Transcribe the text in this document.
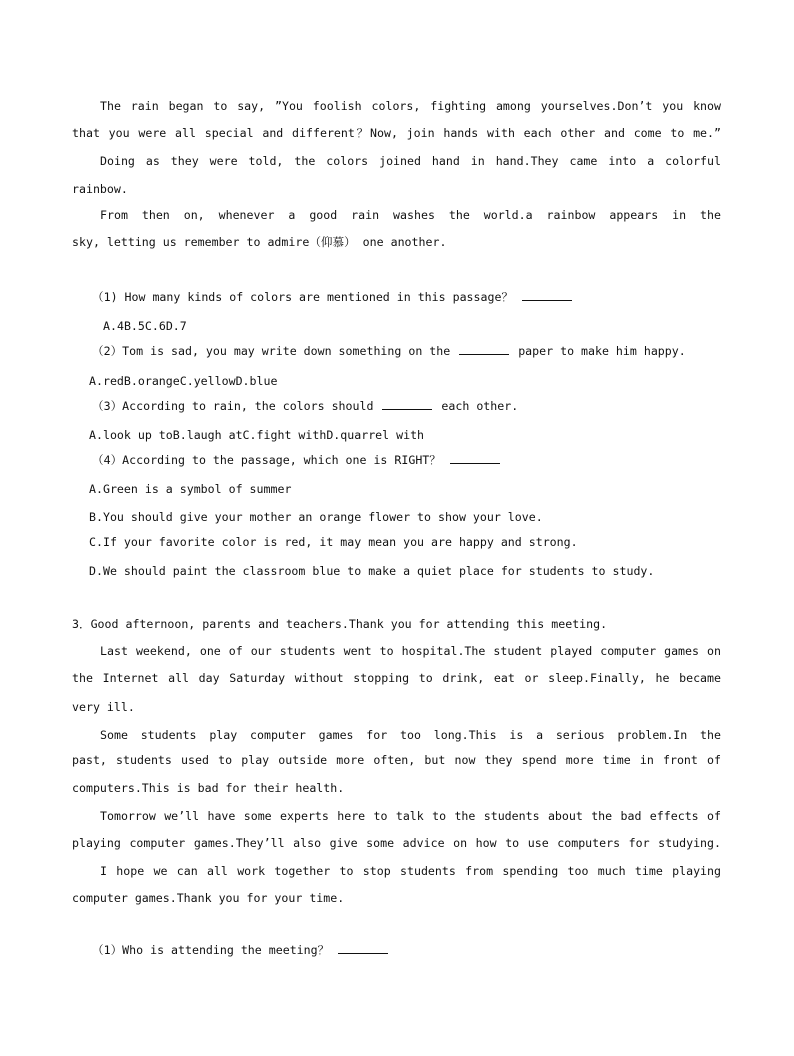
The rain began to say, ”You foolish colors, fighting among yourselves.Don’t you know
that you were all special and different？Now, join hands with each other and come to me.”
Doing as they were told, the colors joined hand in hand.They came into a colorful
rainbow.
From then on, whenever a good rain washes the world.a rainbow appears in the
sky, letting us remember to admire（仰慕） one another.
（1) How many kinds of colors are mentioned in this passage？
A.4B.5C.6D.7
（2）Tom is sad, you may write down something on the	paper to make him happy.
A.redB.orangeC.yellowD.blue
（3）According to rain, the colors should	each other.
A.look up toB.laugh atC.fight withD.quarrel with
（4）According to the passage, which one is RIGHT？
A.Green is a symbol of summer
B.You should give your mother an orange flower to show your love.
C.If your favorite color is red, it may mean you are happy and strong.
D.We should paint the classroom blue to make a quiet place for students to study.
3．Good afternoon, parents and teachers.Thank you for attending this meeting.
Last weekend, one of our students went to hospital.The student played computer games on
the Internet all day Saturday without stopping to drink, eat or sleep.Finally, he became
very ill.
Some students play computer games for too long.This is a serious problem.In the
past, students used to play outside more often, but now they spend more time in front of
computers.This is bad for their health.
Tomorrow we’ll have some experts here to talk to the students about the bad effects of
playing computer games.They’ll also give some advice on how to use computers for studying.
I hope we can all work together to stop students from spending too much time playing
computer games.Thank you for your time.
（1）Who is attending the meeting？
